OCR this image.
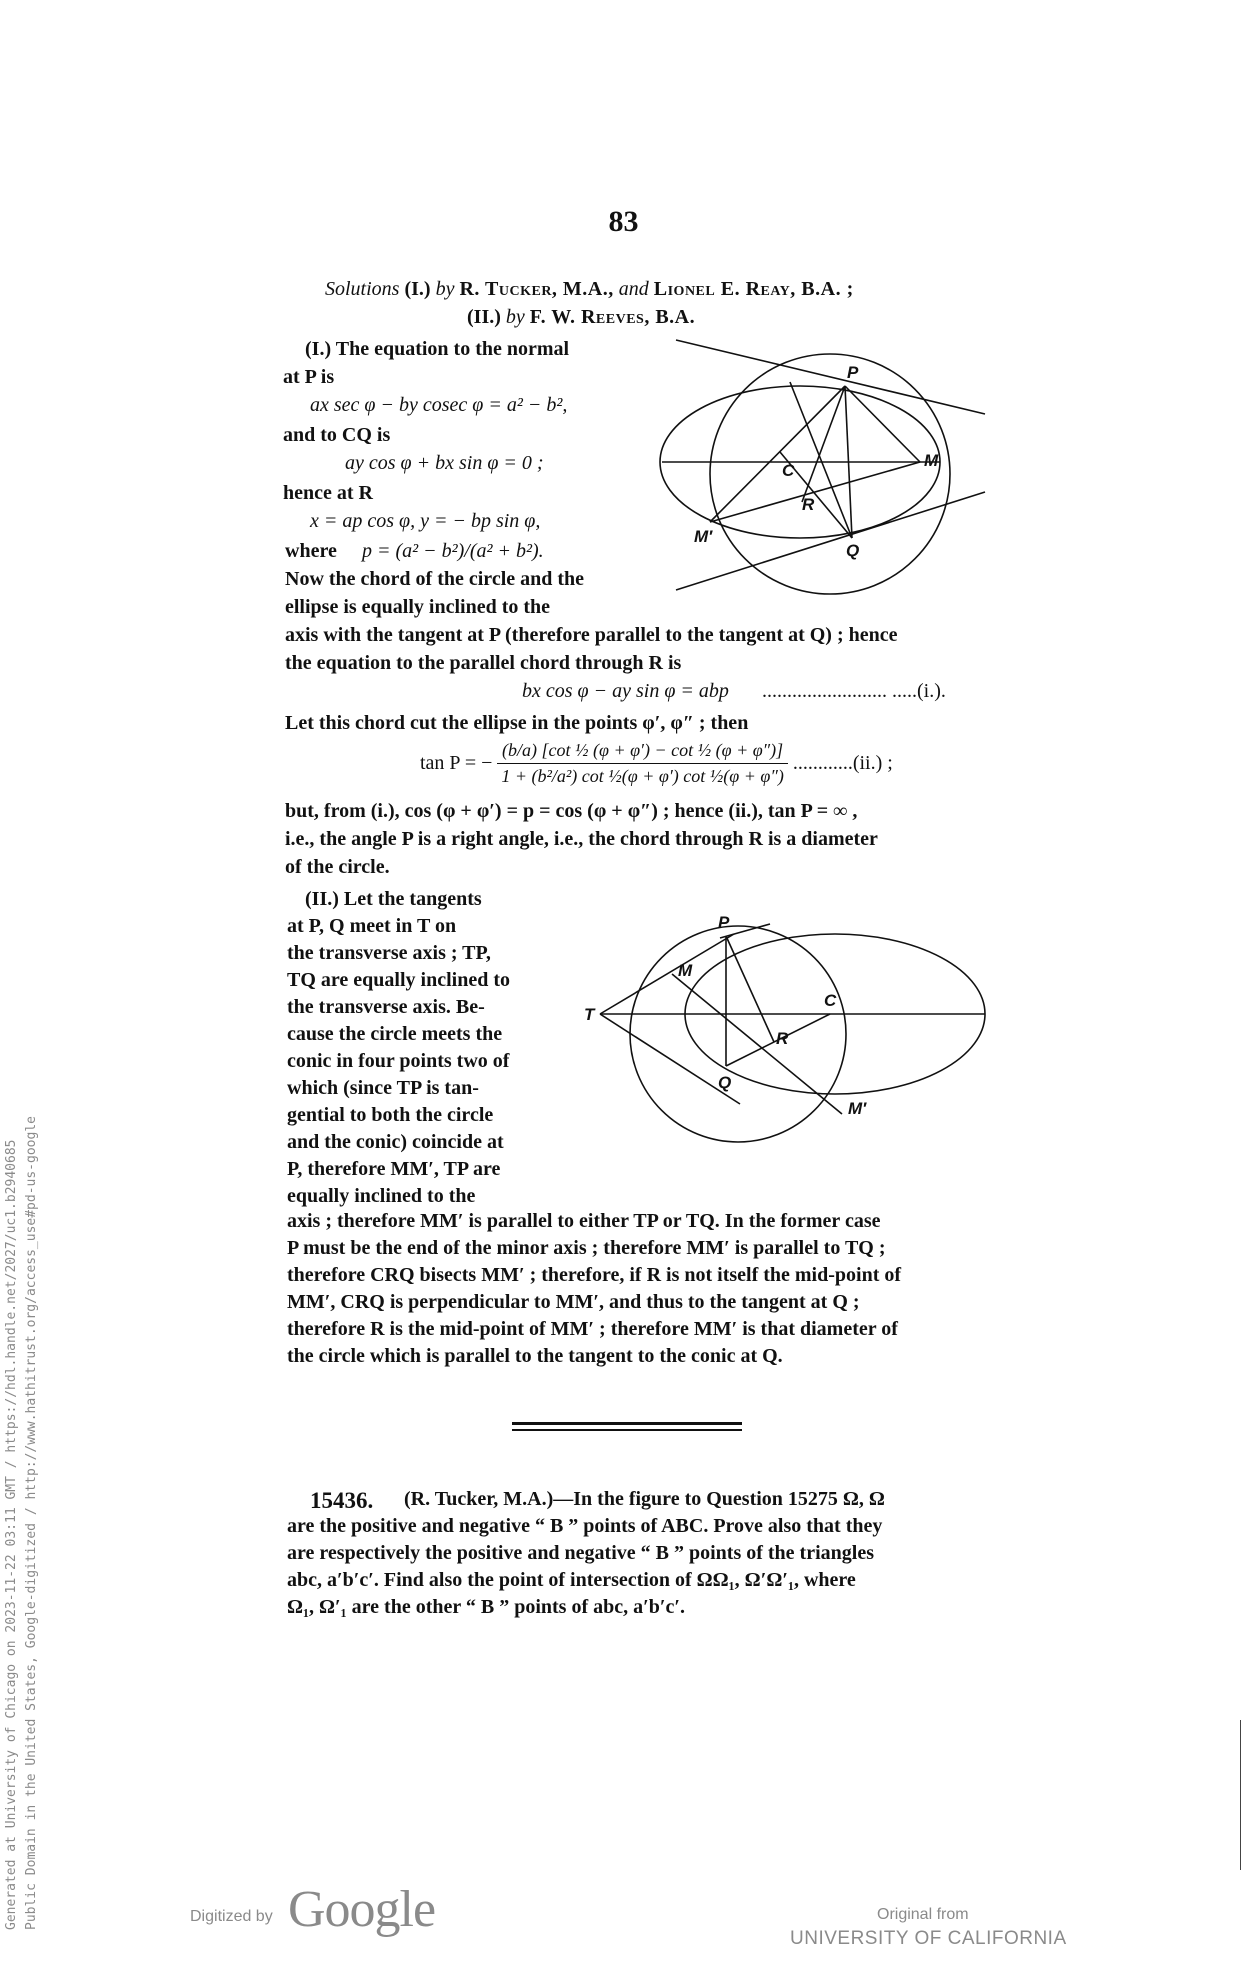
83
Solutions (I.) by R. Tucker, M.A., and Lionel E. Reay, B.A. ;
(II.) by F. W. Reeves, B.A.
(I.) The equation to the normal
at P is
ax sec φ − by cosec φ = a² − b²,
and to CQ is
ay cos φ + bx sin φ = 0 ;
hence at R
x = ap cos φ, y = − bp sin φ,
where p = (a² − b²)/(a² + b²).
Now the chord of the circle and the
ellipse is equally inclined to the
axis with the tangent at P (therefore parallel to the tangent at Q) ; hence
the equation to the parallel chord through R is
bx cos φ − ay sin φ = abp ......................... .....(i.).
Let this chord cut the ellipse in the points φ′, φ″ ; then
tan P = − $\frac{\text{(b/a) [cot ½ (φ + φ′) − cot ½ (φ + φ″)]}}{\text{1 + (b²/a²) cot ½(φ + φ′) cot ½(φ + φ″)}} ............(ii.)$ ;
but, from (i.), cos (φ + φ′) = p = cos (φ + φ″) ; hence (ii.), tan P = ∞ ,
i.e., the angle P is a right angle, i.e., the chord through R is a diameter
of the circle.
P
M
C
R
M′
Q
(II.) Let the tangents
at P, Q meet in T on
the transverse axis ; TP,
TQ are equally inclined to
the transverse axis. Be-
cause the circle meets the
conic in four points two of
which (since TP is tan-
gential to both the circle
and the conic) coincide at
P, therefore MM′, TP are
equally inclined to the
P
M
T
C
R
Q
M′
axis ; therefore MM′ is parallel to either TP or TQ. In the former case
P must be the end of the minor axis ; therefore MM′ is parallel to TQ ;
therefore CRQ bisects MM′ ; therefore, if R is not itself the mid-point of
MM′, CRQ is perpendicular to MM′, and thus to the tangent at Q ;
therefore R is the mid-point of MM′ ; therefore MM′ is that diameter of
the circle which is parallel to the tangent to the conic at Q.
15436. (R. Tucker, M.A.)—In the figure to Question 15275 Ω, Ω
are the positive and negative “ B ” points of ABC. Prove also that they
are respectively the positive and negative “ B ” points of the triangles
abc, a′b′c′. Find also the point of intersection of ΩΩ₁, Ω′Ω′₁, where
Ω₁, Ω′₁ are the other “ B ” points of abc, a′b′c′.
Generated at University of Chicago on 2023-11-22 03:11 GMT / https://hdl.handle.net/2027/uc1.b2940685 Public Domain in the United States, Google-digitized / http://www.hathitrust.org/access_use#pd-us-google	Digitized by Google	Original from
UNIVERSITY OF CALIFORNIA
